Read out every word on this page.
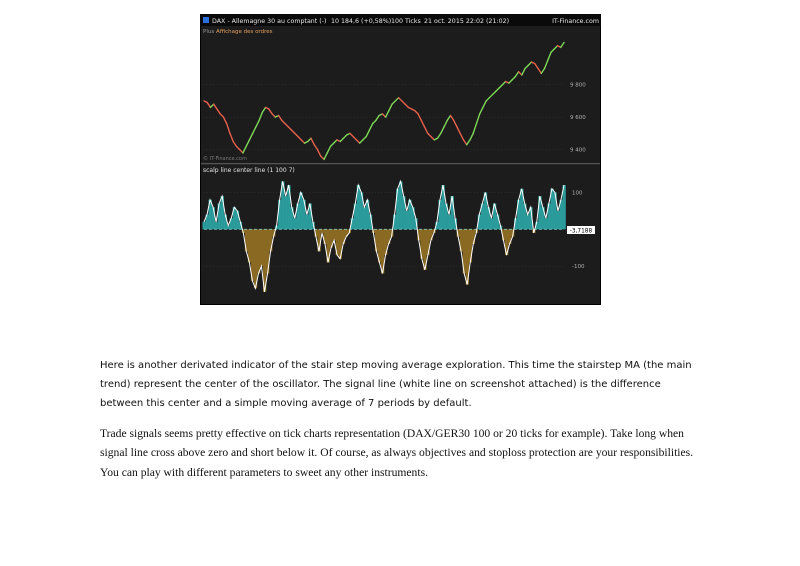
DAX - Allemagne 30 au comptant (-) 10 184,6 (+0,58%) 100 Ticks 21 oct. 2015 22:02 (21:02)	IT-Finance.com
Plus Affichage des ordres
9 800
9 600
9 400
© IT-Finance.com
scalp line center line (1 100 7)
100
-100
-3,7188

Here is another derivated indicator of the stair step moving average exploration. This time the stairstep MA (the main trend) represent the center of the oscillator. The signal line (white line on screenshot attached) is the difference between this center and a simple moving average of 7 periods by default.

Trade signals seems pretty effective on tick charts representation (DAX/GER30 100 or 20 ticks for example). Take long when signal line cross above zero and short below it. Of course, as always objectives and stoploss protection are your responsibilities. You can play with different parameters to sweet any other instruments.
